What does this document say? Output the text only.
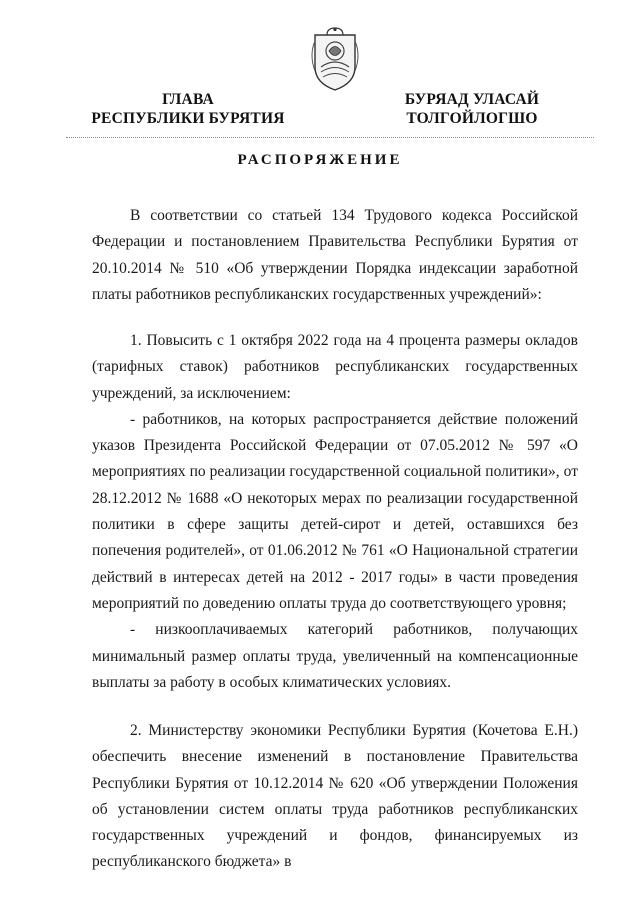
ГЛАВА
РЕСПУБЛИКИ БУРЯТИЯ
БУРЯАД УЛАСАЙ
ТОЛГОЙЛОГШО
РАСПОРЯЖЕНИЕ

В соответствии со статьей 134 Трудового кодекса Российской Федерации и постановлением Правительства Республики Бурятия от 20.10.2014 № 510 «Об утверждении Порядка индексации заработной платы работников республиканских государственных учреждений»:

1. Повысить с 1 октября 2022 года на 4 процента размеры окладов (тарифных ставок) работников республиканских государственных учреждений, за исключением:

- работников, на которых распространяется действие положений указов Президента Российской Федерации от 07.05.2012 № 597 «О мероприятиях по реализации государственной социальной политики», от 28.12.2012 № 1688 «О некоторых мерах по реализации государственной политики в сфере защиты детей-сирот и детей, оставшихся без попечения родителей», от 01.06.2012 № 761 «О Национальной стратегии действий в интересах детей на 2012 - 2017 годы» в части проведения мероприятий по доведению оплаты труда до соответствующего уровня;

- низкооплачиваемых категорий работников, получающих минимальный размер оплаты труда, увеличенный на компенсационные выплаты за работу в особых климатических условиях.

2. Министерству экономики Республики Бурятия (Кочетова Е.Н.) обеспечить внесение изменений в постановление Правительства Республики Бурятия от 10.12.2014 № 620 «Об утверждении Положения об установлении систем оплаты труда работников республиканских государственных учреждений и фондов, финансируемых из республиканского бюджета» в
